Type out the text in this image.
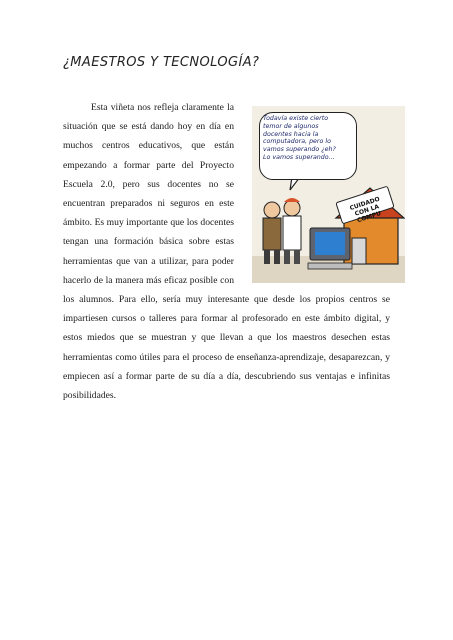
¿MAESTROS Y TECNOLOGÍA?

Esta viñeta nos refleja claramente la situación que se está dando hoy en día en muchos centros educativos, que están empezando a formar parte del Proyecto Escuela 2.0, pero sus docentes no se encuentran preparados ni seguros en este ámbito. Es muy importante que los docentes tengan una formación básica sobre estas herramientas que van a utilizar, para poder hacerlo de la manera más eficaz posible con los alumnos. Para ello, sería muy interesante que desde los propios centros se impartiesen cursos o talleres para formar al profesorado en este ámbito digital, y estos miedos que se muestran y que llevan a que los maestros desechen estas herramientas como útiles para el proceso de enseñanza-aprendizaje, desaparezcan, y empiecen así a formar parte de su día a día, descubriendo sus ventajas e infinitas posibilidades.

Todavía existe cierto
temor de algunos
docentes hacia la
computadora, pero lo
vamos superando ¿eh?
Lo vamos superando...
CUIDADO
CON LA
COMPU
